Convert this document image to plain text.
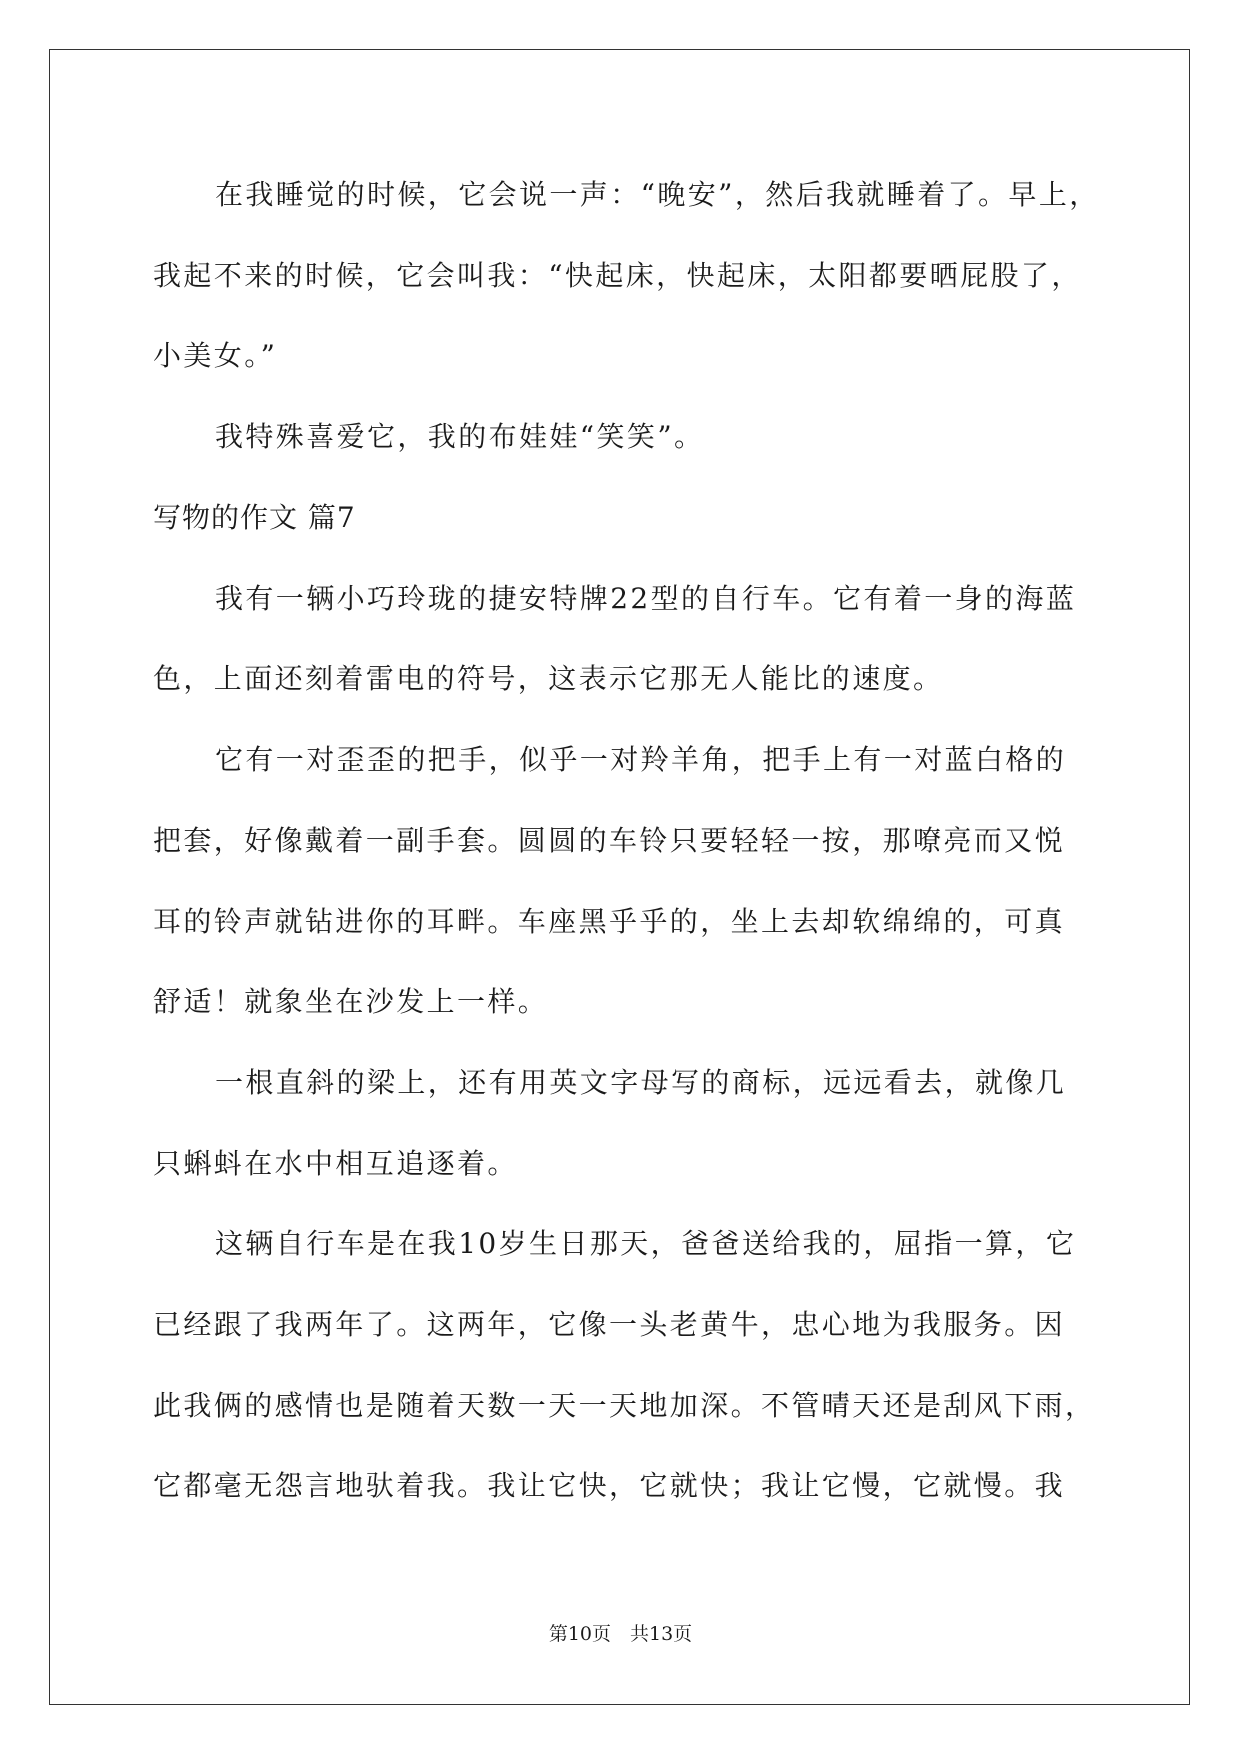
在我睡觉的时候，它会说一声：“晚安”，然后我就睡着了。早上，
我起不来的时候，它会叫我：“快起床，快起床，太阳都要晒屁股了，
小美女。”
我特殊喜爱它，我的布娃娃“笑笑”。
写物的作文 篇7
我有一辆小巧玲珑的捷安特牌22型的自行车。它有着一身的海蓝
色，上面还刻着雷电的符号，这表示它那无人能比的速度。
它有一对歪歪的把手，似乎一对羚羊角，把手上有一对蓝白格的
把套，好像戴着一副手套。圆圆的车铃只要轻轻一按，那嘹亮而又悦
耳的铃声就钻进你的耳畔。车座黑乎乎的，坐上去却软绵绵的，可真
舒适！就象坐在沙发上一样。
一根直斜的梁上，还有用英文字母写的商标，远远看去，就像几
只蝌蚪在水中相互追逐着。
这辆自行车是在我10岁生日那天，爸爸送给我的，屈指一算，它
已经跟了我两年了。这两年，它像一头老黄牛，忠心地为我服务。因
此我俩的感情也是随着天数一天一天地加深。不管晴天还是刮风下雨，
它都毫无怨言地驮着我。我让它快，它就快；我让它慢，它就慢。我
第10页　共13页
